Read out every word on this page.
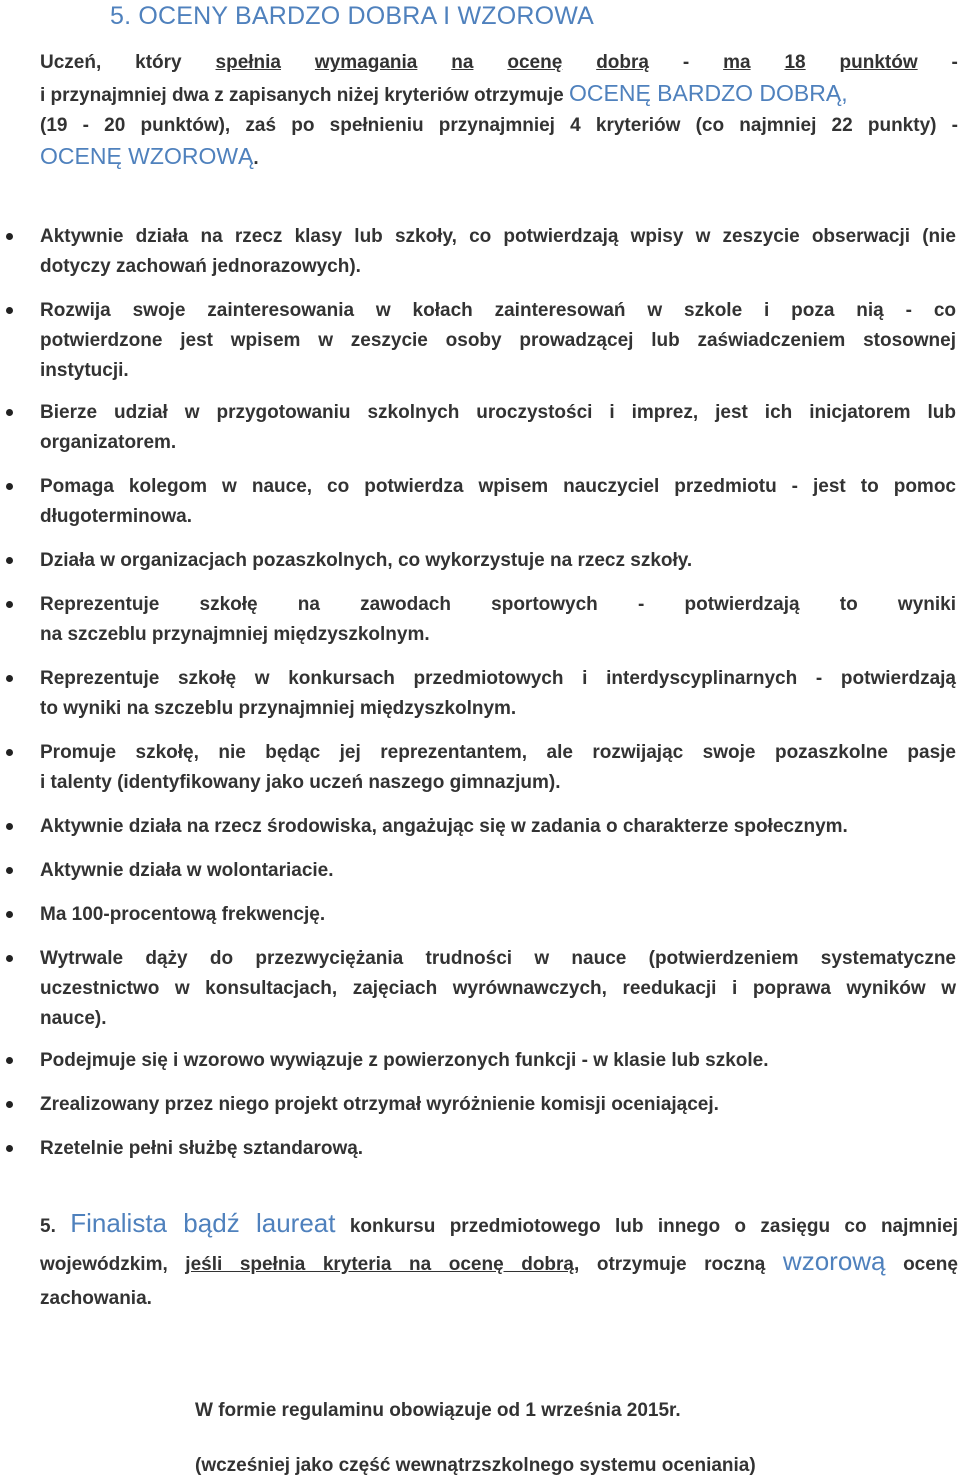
5. OCENY BARDZO DOBRA I WZOROWA
Uczeń, który spełnia wymagania na ocenę dobrą - ma 18 punktów -
i przynajmniej dwa z zapisanych niżej kryteriów otrzymuje OCENĘ BARDZO DOBRĄ,
(19 - 20 punktów), zaś po spełnieniu przynajmniej 4 kryteriów (co najmniej 22 punkty) -
OCENĘ WZOROWĄ.
Aktywnie działa na rzecz klasy lub szkoły, co potwierdzają wpisy w zeszycie obserwacji (nie
dotyczy zachowań jednorazowych).
Rozwija swoje zainteresowania w kołach zainteresowań w szkole i poza nią - co
potwierdzone jest wpisem w zeszycie osoby prowadzącej lub zaświadczeniem stosownej
instytucji.
Bierze udział w przygotowaniu szkolnych uroczystości i imprez, jest ich inicjatorem lub
organizatorem.
Pomaga kolegom w nauce, co potwierdza wpisem nauczyciel przedmiotu - jest to pomoc
długoterminowa.
Działa w organizacjach pozaszkolnych, co wykorzystuje na rzecz szkoły.
Reprezentuje szkołę na zawodach sportowych - potwierdzają to wyniki
na szczeblu przynajmniej międzyszkolnym.
Reprezentuje szkołę w konkursach przedmiotowych i interdyscyplinarnych - potwierdzają
to wyniki na szczeblu przynajmniej międzyszkolnym.
Promuje szkołę, nie będąc jej reprezentantem, ale rozwijając swoje pozaszkolne pasje
i talenty (identyfikowany jako uczeń naszego gimnazjum).
Aktywnie działa na rzecz środowiska, angażując się w zadania o charakterze społecznym.
Aktywnie działa w wolontariacie.
Ma 100-procentową frekwencję.
Wytrwale dąży do przezwyciężania trudności w nauce (potwierdzeniem systematyczne
uczestnictwo w konsultacjach, zajęciach wyrównawczych, reedukacji i poprawa wyników w
nauce).
Podejmuje się i wzorowo wywiązuje z powierzonych funkcji - w klasie lub szkole.
Zrealizowany przez niego projekt otrzymał wyróżnienie komisji oceniającej.
Rzetelnie pełni służbę sztandarową.
5. Finalista bądź laureat konkursu przedmiotowego lub innego o zasięgu co najmniej
wojewódzkim, jeśli spełnia kryteria na ocenę dobrą, otrzymuje roczną wzorową ocenę
zachowania.
W formie regulaminu obowiązuje od 1 września 2015r.
(wcześniej jako część wewnątrzszkolnego systemu oceniania)
